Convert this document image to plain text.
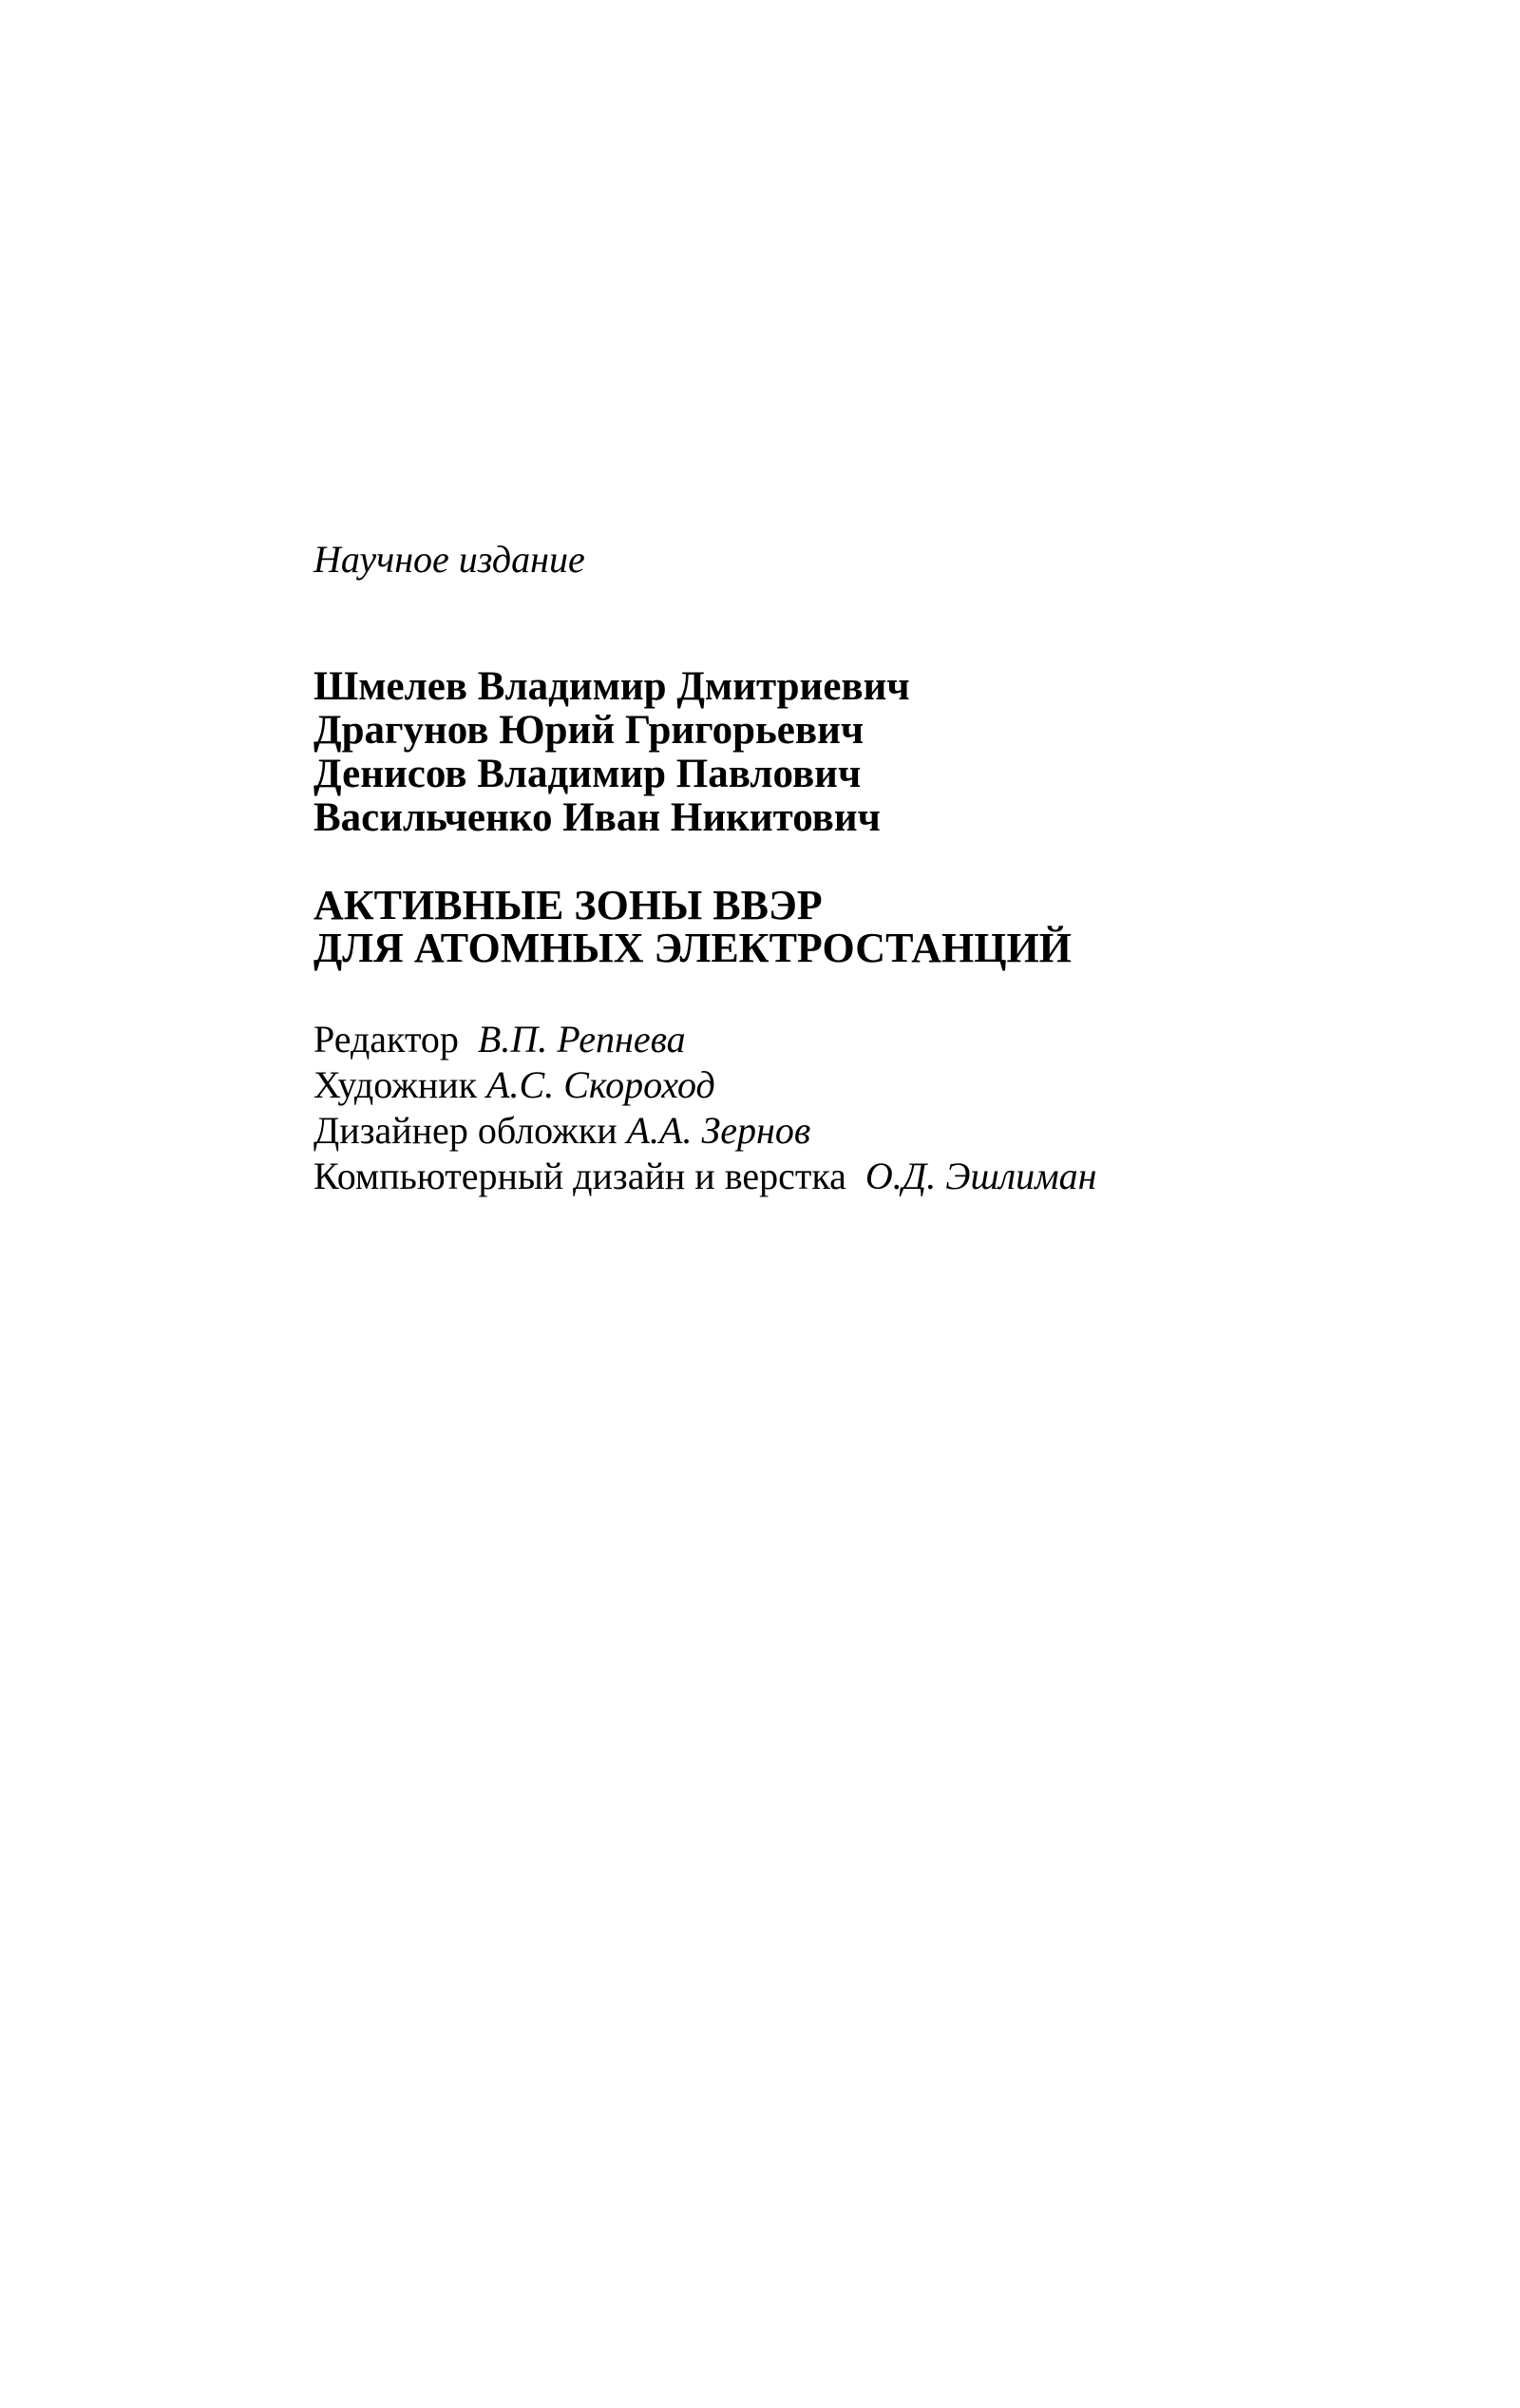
Научное издание
Шмелев Владимир Дмитриевич
Драгунов Юрий Григорьевич
Денисов Владимир Павлович
Васильченко Иван Никитович
АКТИВНЫЕ ЗОНЫ ВВЭР
ДЛЯ АТОМНЫХ ЭЛЕКТРОСТАНЦИЙ
Редактор В.П. Репнева
Художник А.С. Скороход
Дизайнер обложки А.А. Зернов
Компьютерный дизайн и верстка О.Д. Эшлиман
